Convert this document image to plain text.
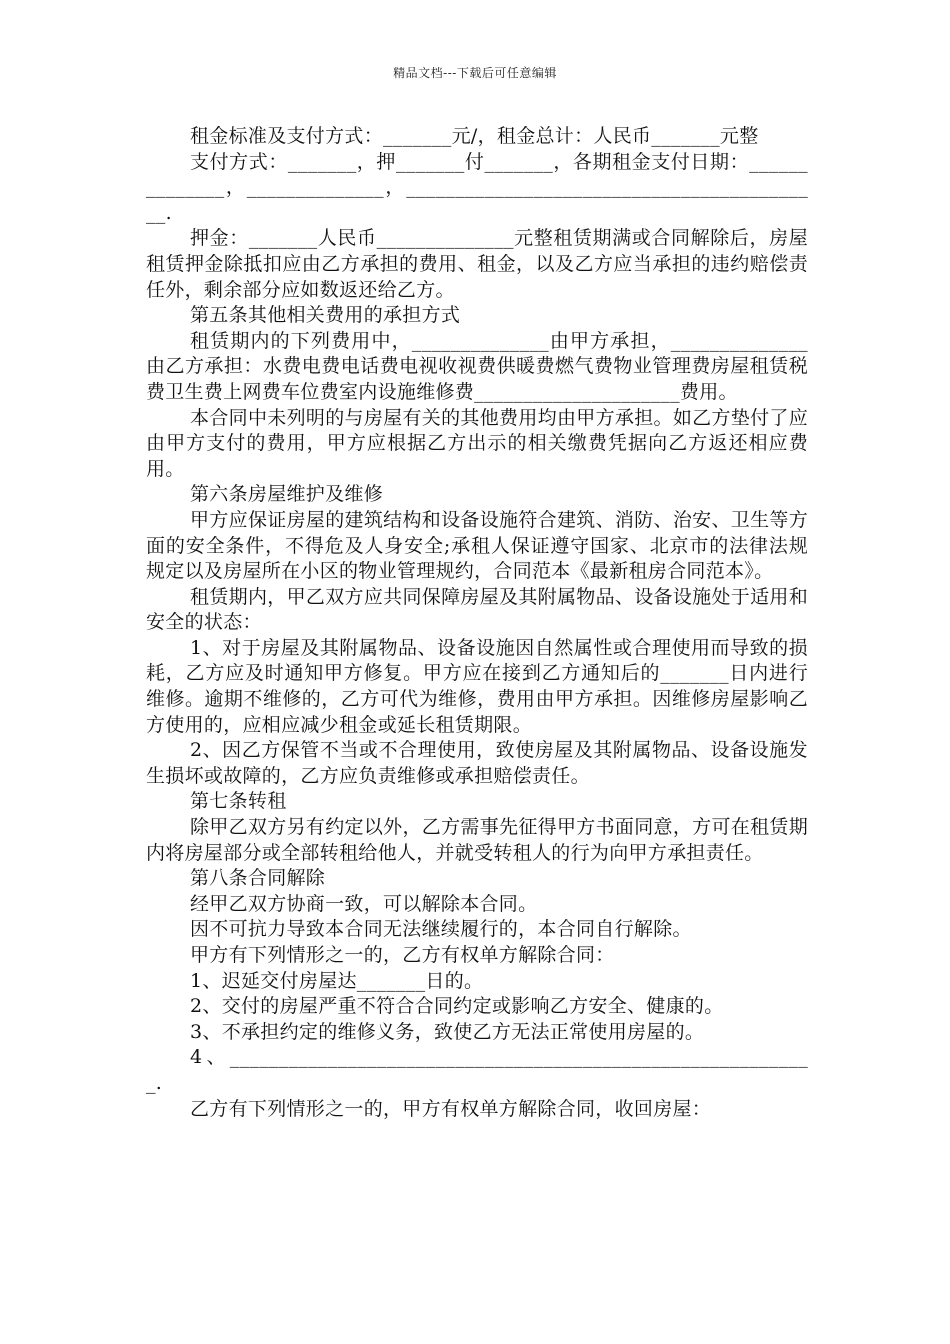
精品文档---下载后可任意编辑

租金标准及支付方式：_______元/，租金总计：人民币_______元整

支付方式：_______，押_______付_______，各期租金支付日期：______________，______________，___________________________________________.

押金：_______人民币______________元整租赁期满或合同解除后，房屋租赁押金除抵扣应由乙方承担的费用、租金，以及乙方应当承担的违约赔偿责任外，剩余部分应如数返还给乙方。

第五条其他相关费用的承担方式

租赁期内的下列费用中，______________由甲方承担，______________由乙方承担：水费电费电话费电视收视费供暖费燃气费物业管理费房屋租赁税费卫生费上网费车位费室内设施维修费_____________________费用。

本合同中未列明的与房屋有关的其他费用均由甲方承担。如乙方垫付了应由甲方支付的费用，甲方应根据乙方出示的相关缴费凭据向乙方返还相应费用。

第六条房屋维护及维修

甲方应保证房屋的建筑结构和设备设施符合建筑、消防、治安、卫生等方面的安全条件，不得危及人身安全;承租人保证遵守国家、北京市的法律法规规定以及房屋所在小区的物业管理规约，合同范本《最新租房合同范本》。

租赁期内，甲乙双方应共同保障房屋及其附属物品、设备设施处于适用和安全的状态：

1、对于房屋及其附属物品、设备设施因自然属性或合理使用而导致的损耗，乙方应及时通知甲方修复。甲方应在接到乙方通知后的_______日内进行维修。逾期不维修的，乙方可代为维修，费用由甲方承担。因维修房屋影响乙方使用的，应相应减少租金或延长租赁期限。

2、因乙方保管不当或不合理使用，致使房屋及其附属物品、设备设施发生损坏或故障的，乙方应负责维修或承担赔偿责任。

第七条转租

除甲乙双方另有约定以外，乙方需事先征得甲方书面同意，方可在租赁期内将房屋部分或全部转租给他人，并就受转租人的行为向甲方承担责任。

第八条合同解除

经甲乙双方协商一致，可以解除本合同。

因不可抗力导致本合同无法继续履行的，本合同自行解除。

甲方有下列情形之一的，乙方有权单方解除合同：

1、迟延交付房屋达_______日的。

2、交付的房屋严重不符合合同约定或影响乙方安全、健康的。

3、不承担约定的维修义务，致使乙方无法正常使用房屋的。

4、____________________________________________________________.

乙方有下列情形之一的，甲方有权单方解除合同，收回房屋：
